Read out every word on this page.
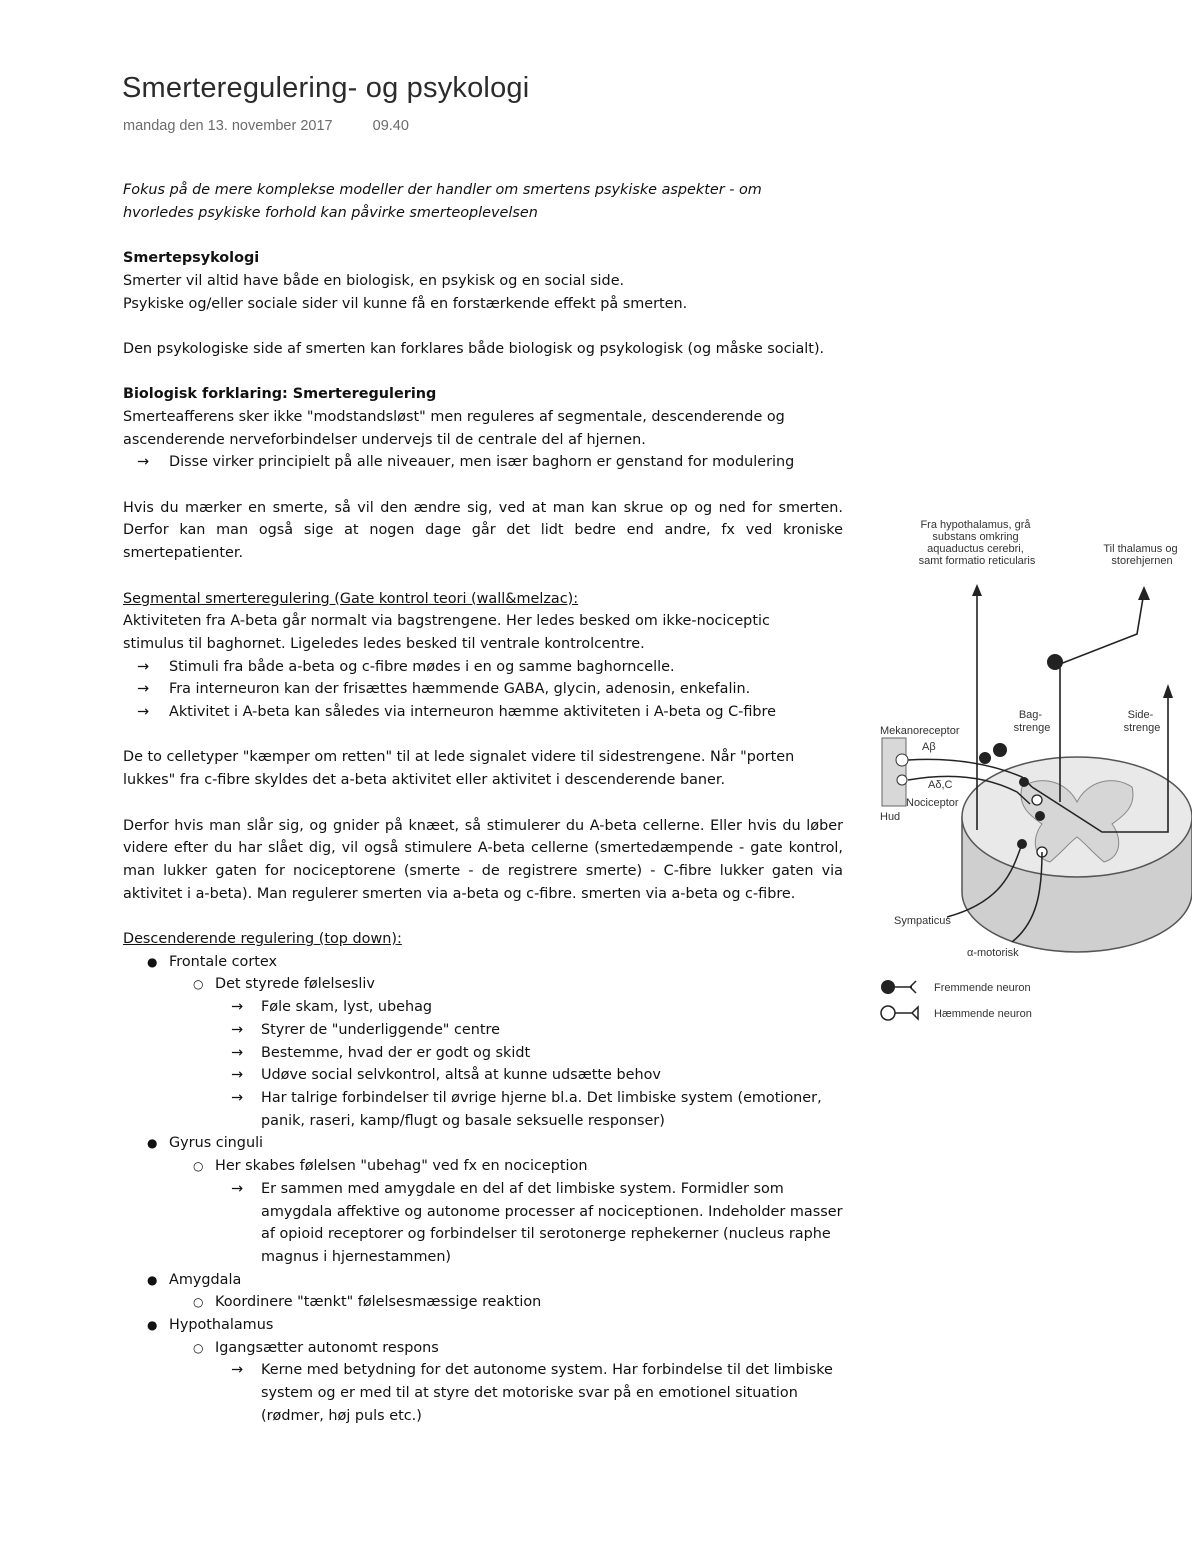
Smerteregulering- og psykologi
mandag den 13. november 2017	09.40

Fokus på de mere komplekse modeller der handler om smertens psykiske aspekter - om

hvorledes psykiske forhold kan påvirke smerteoplevelsen

Smertepsykologi

Smerter vil altid have både en biologisk, en psykisk og en social side.

Psykiske og/eller sociale sider vil kunne få en forstærkende effekt på smerten.

Den psykologiske side af smerten kan forklares både biologisk og psykologisk (og måske socialt).

Biologisk forklaring: Smerteregulering

Smerteafferens sker ikke "modstandsløst" men reguleres af segmentale, descenderende og

ascenderende nerveforbindelser undervejs til de centrale del af hjernen.

→ Disse virker principielt på alle niveauer, men især baghorn er genstand for modulering

Hvis du mærker en smerte, så vil den ændre sig, ved at man kan skrue op og ned for smerten. Derfor kan man også sige at nogen dage går det lidt bedre end andre, fx ved kroniske smertepatienter.

Segmental smerteregulering (Gate kontrol teori (wall&melzac):

Aktiviteten fra A-beta går normalt via bagstrengene. Her ledes besked om ikke-nociceptic

stimulus til baghornet. Ligeledes ledes besked til ventrale kontrolcentre.

→ Stimuli fra både a-beta og c-fibre mødes i en og samme baghorncelle.

→ Fra interneuron kan der frisættes hæmmende GABA, glycin, adenosin, enkefalin.

→ Aktivitet i A-beta kan således via interneuron hæmme aktiviteten i A-beta og C-fibre

De to celletyper "kæmper om retten" til at lede signalet videre til sidestrengene. Når "porten lukkes" fra c-fibre skyldes det a-beta aktivitet eller aktivitet i descenderende baner.

Derfor hvis man slår sig, og gnider på knæet, så stimulerer du A-beta cellerne. Eller hvis du løber videre efter du har slået dig, vil også stimulere A-beta cellerne (smertedæmpende - gate kontrol, man lukker gaten for nociceptorene (smerte - de registrere smerte) - C-fibre lukker gaten via aktivitet i a-beta). Man regulerer smerten via a-beta og c-fibre. smerten via a-beta og c-fibre.

Descenderende regulering (top down):

● Frontale cortex
○ Det styrede følelsesliv
→ Føle skam, lyst, ubehag
→ Styrer de "underliggende" centre
→ Bestemme, hvad der er godt og skidt
→ Udøve social selvkontrol, altså at kunne udsætte behov
→ Har talrige forbindelser til øvrige hjerne bl.a. Det limbiske system (emotioner, panik, raseri, kamp/flugt og basale seksuelle responser)
● Gyrus cinguli
○ Her skabes følelsen "ubehag" ved fx en nociception
→ Er sammen med amygdale en del af det limbiske system. Formidler som amygdala affektive og autonome processer af nociceptionen. Indeholder masser af opioid receptorer og forbindelser til serotonerge rephekerner (nucleus raphe magnus i hjernestammen)
● Amygdala
○ Koordinere "tænkt" følelsesmæssige reaktion
● Hypothalamus
○ Igangsætter autonomt respons
→ Kerne med betydning for det autonome system. Har forbindelse til det limbiske system og er med til at styre det motoriske svar på en emotionel situation (rødmer, høj puls etc.)
Fra hypothalamus, grå substans omkring aquaductus cerebri, samt formatio reticularis
Til thalamus og storehjernen
Bag- strenge
Side- strenge
Mekanoreceptor
Aβ
Aδ,C
Nociceptor
Hud
Sympaticus
α-motorisk
Fremmende neuron
Hæmmende neuron
